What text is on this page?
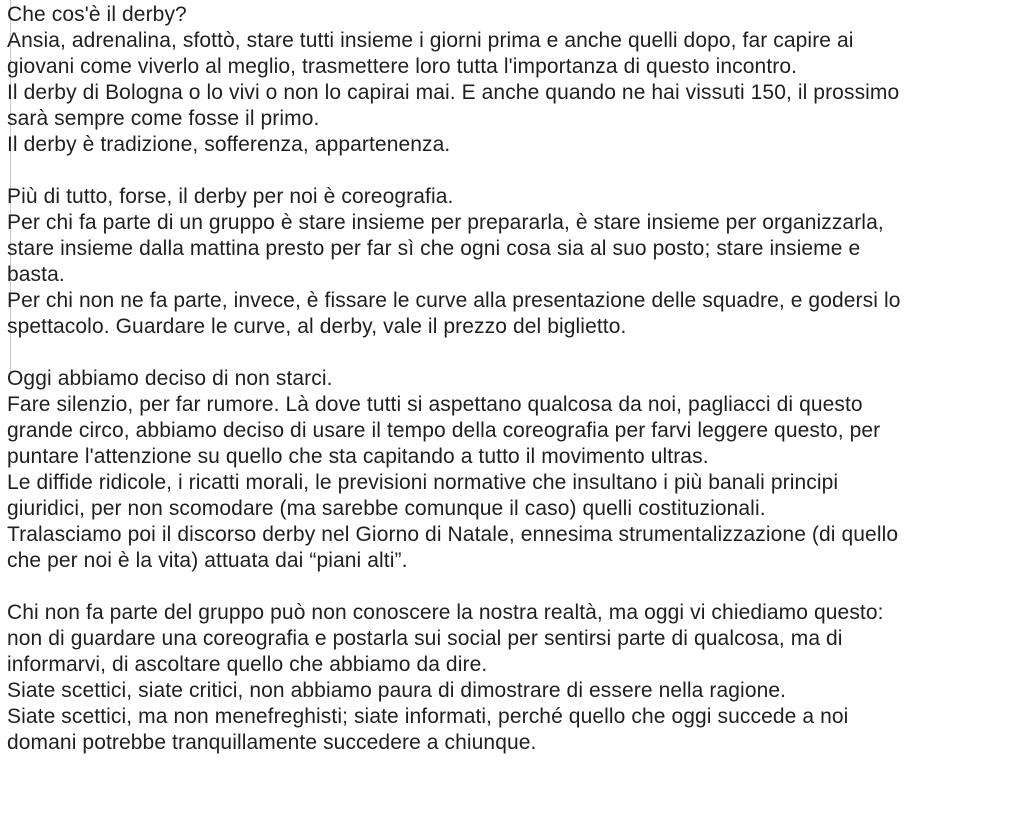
Che cos'è il derby?

Ansia, adrenalina, sfottò, stare tutti insieme i giorni prima e anche quelli dopo, far capire ai

giovani come viverlo al meglio, trasmettere loro tutta l'importanza di questo incontro.

Il derby di Bologna o lo vivi o non lo capirai mai. E anche quando ne hai vissuti 150, il prossimo

sarà sempre come fosse il primo.

Il derby è tradizione, sofferenza, appartenenza.

Più di tutto, forse, il derby per noi è coreografia.

Per chi fa parte di un gruppo è stare insieme per prepararla, è stare insieme per organizzarla,

stare insieme dalla mattina presto per far sì che ogni cosa sia al suo posto; stare insieme e

basta.

Per chi non ne fa parte, invece, è fissare le curve alla presentazione delle squadre, e godersi lo

spettacolo. Guardare le curve, al derby, vale il prezzo del biglietto.

Oggi abbiamo deciso di non starci.

Fare silenzio, per far rumore. Là dove tutti si aspettano qualcosa da noi, pagliacci di questo

grande circo, abbiamo deciso di usare il tempo della coreografia per farvi leggere questo, per

puntare l'attenzione su quello che sta capitando a tutto il movimento ultras.

Le diffide ridicole, i ricatti morali, le previsioni normative che insultano i più banali principi

giuridici, per non scomodare (ma sarebbe comunque il caso) quelli costituzionali.

Tralasciamo poi il discorso derby nel Giorno di Natale, ennesima strumentalizzazione (di quello

che per noi è la vita) attuata dai “piani alti”.

Chi non fa parte del gruppo può non conoscere la nostra realtà, ma oggi vi chiediamo questo:

non di guardare una coreografia e postarla sui social per sentirsi parte di qualcosa, ma di

informarvi, di ascoltare quello che abbiamo da dire.

Siate scettici, siate critici, non abbiamo paura di dimostrare di essere nella ragione.

Siate scettici, ma non menefreghisti; siate informati, perché quello che oggi succede a noi

domani potrebbe tranquillamente succedere a chiunque.
